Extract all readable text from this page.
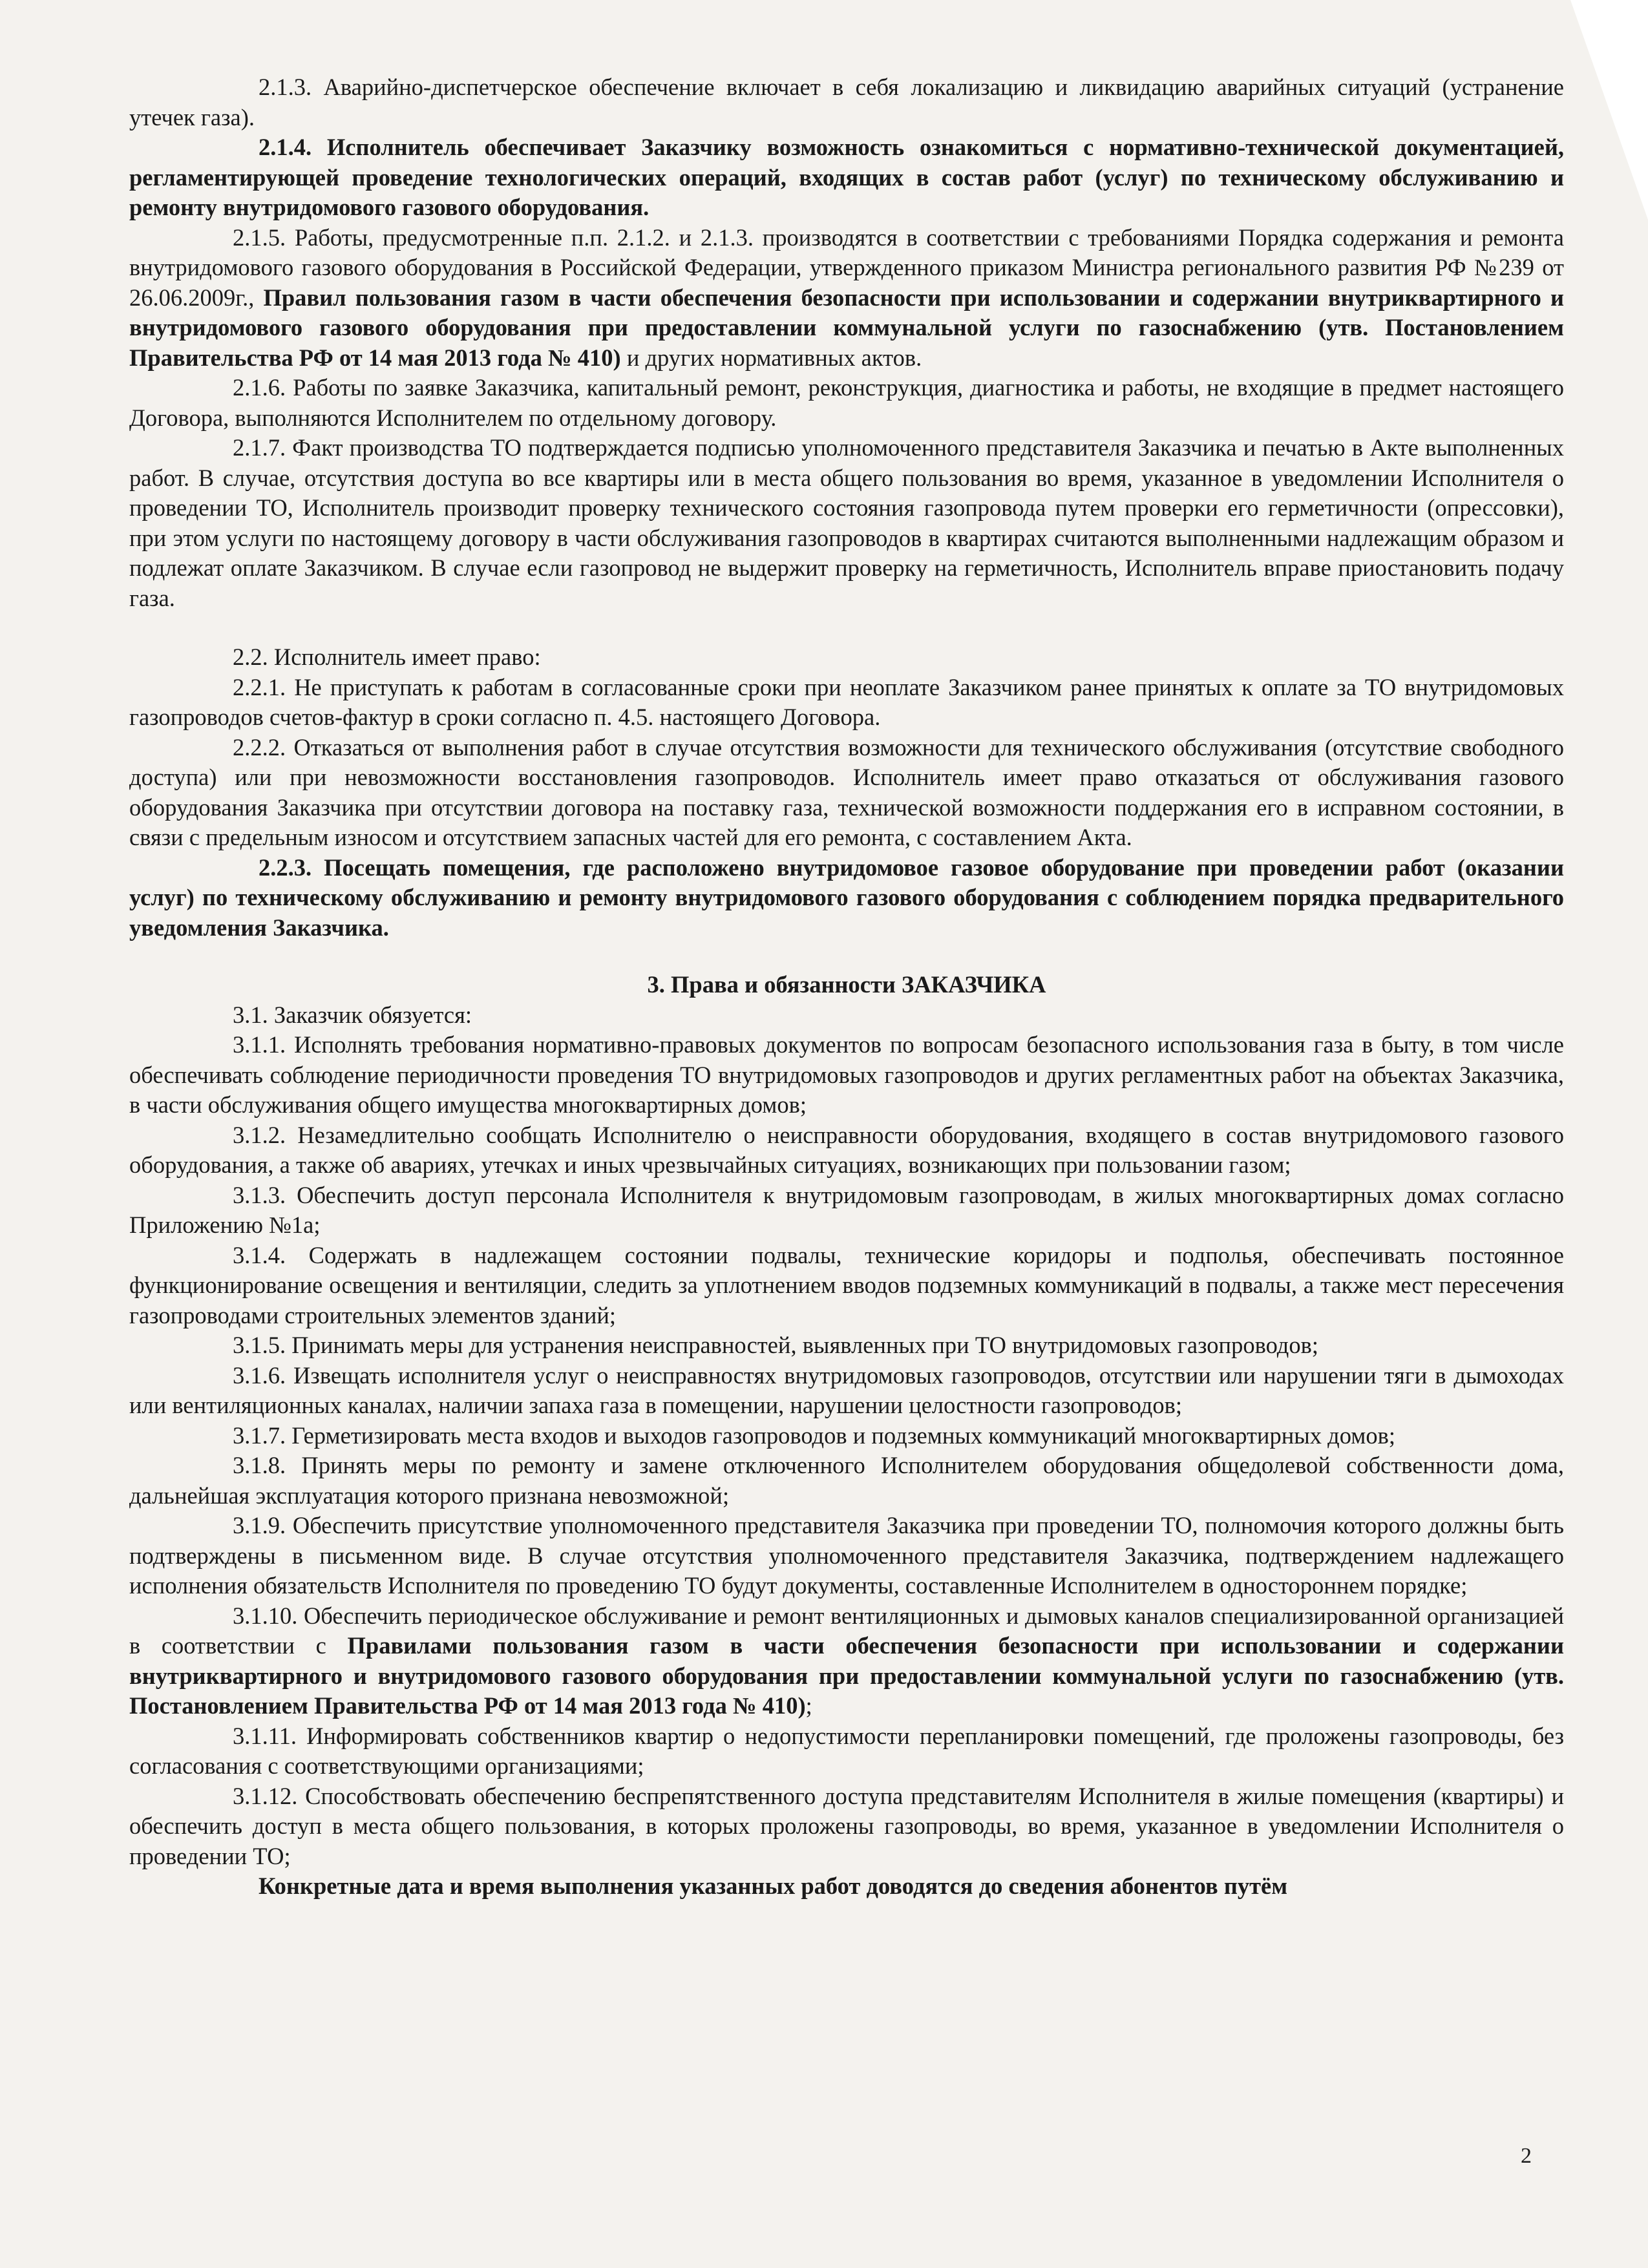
2.1.3. Аварийно-диспетчерское обеспечение включает в себя локализацию и ликвидацию аварийных ситуаций (устранение утечек газа).

2.1.4. Исполнитель обеспечивает Заказчику возможность ознакомиться с нормативно-технической документацией, регламентирующей проведение технологических операций, входящих в состав работ (услуг) по техническому обслуживанию и ремонту внутридомового газового оборудования.

2.1.5. Работы, предусмотренные п.п. 2.1.2. и 2.1.3. производятся в соответствии с требованиями Порядка содержания и ремонта внутридомового газового оборудования в Российской Федерации, утвержденного приказом Министра регионального развития РФ №239 от 26.06.2009г., Правил пользования газом в части обеспечения безопасности при использовании и содержании внутриквартирного и внутридомового газового оборудования при предоставлении коммунальной услуги по газоснабжению (утв. Постановлением Правительства РФ от 14 мая 2013 года № 410) и других нормативных актов.

2.1.6. Работы по заявке Заказчика, капитальный ремонт, реконструкция, диагностика и работы, не входящие в предмет настоящего Договора, выполняются Исполнителем по отдельному договору.

2.1.7. Факт производства ТО подтверждается подписью уполномоченного представителя Заказчика и печатью в Акте выполненных работ. В случае, отсутствия доступа во все квартиры или в места общего пользования во время, указанное в уведомлении Исполнителя о проведении ТО, Исполнитель производит проверку технического состояния газопровода путем проверки его герметичности (опрессовки), при этом услуги по настоящему договору в части обслуживания газопроводов в квартирах считаются выполненными надлежащим образом и подлежат оплате Заказчиком. В случае если газопровод не выдержит проверку на герметичность, Исполнитель вправе приостановить подачу газа.

2.2. Исполнитель имеет право:

2.2.1. Не приступать к работам в согласованные сроки при неоплате Заказчиком ранее принятых к оплате за ТО внутридомовых газопроводов счетов-фактур в сроки согласно п. 4.5. настоящего Договора.

2.2.2. Отказаться от выполнения работ в случае отсутствия возможности для технического обслуживания (отсутствие свободного доступа) или при невозможности восстановления газопроводов. Исполнитель имеет право отказаться от обслуживания газового оборудования Заказчика при отсутствии договора на поставку газа, технической возможности поддержания его в исправном состоянии, в связи с предельным износом и отсутствием запасных частей для его ремонта, с составлением Акта.

2.2.3. Посещать помещения, где расположено внутридомовое газовое оборудование при проведении работ (оказании услуг) по техническому обслуживанию и ремонту внутридомового газового оборудования с соблюдением порядка предварительного уведомления Заказчика.

3. Права и обязанности ЗАКАЗЧИКА

3.1. Заказчик обязуется:

3.1.1. Исполнять требования нормативно-правовых документов по вопросам безопасного использования газа в быту, в том числе обеспечивать соблюдение периодичности проведения ТО внутридомовых газопроводов и других регламентных работ на объектах Заказчика, в части обслуживания общего имущества многоквартирных домов;

3.1.2. Незамедлительно сообщать Исполнителю о неисправности оборудования, входящего в состав внутридомового газового оборудования, а также об авариях, утечках и иных чрезвычайных ситуациях, возникающих при пользовании газом;

3.1.3. Обеспечить доступ персонала Исполнителя к внутридомовым газопроводам, в жилых многоквартирных домах согласно Приложению №1а;

3.1.4. Содержать в надлежащем состоянии подвалы, технические коридоры и подполья, обеспечивать постоянное функционирование освещения и вентиляции, следить за уплотнением вводов подземных коммуникаций в подвалы, а также мест пересечения газопроводами строительных элементов зданий;

3.1.5. Принимать меры для устранения неисправностей, выявленных при ТО внутридомовых газопроводов;

3.1.6. Извещать исполнителя услуг о неисправностях внутридомовых газопроводов, отсутствии или нарушении тяги в дымоходах или вентиляционных каналах, наличии запаха газа в помещении, нарушении целостности газопроводов;

3.1.7. Герметизировать места входов и выходов газопроводов и подземных коммуникаций многоквартирных домов;

3.1.8. Принять меры по ремонту и замене отключенного Исполнителем оборудования общедолевой собственности дома, дальнейшая эксплуатация которого признана невозможной;

3.1.9. Обеспечить присутствие уполномоченного представителя Заказчика при проведении ТО, полномочия которого должны быть подтверждены в письменном виде. В случае отсутствия уполномоченного представителя Заказчика, подтверждением надлежащего исполнения обязательств Исполнителя по проведению ТО будут документы, составленные Исполнителем в одностороннем порядке;

3.1.10. Обеспечить периодическое обслуживание и ремонт вентиляционных и дымовых каналов специализированной организацией в соответствии с Правилами пользования газом в части обеспечения безопасности при использовании и содержании внутриквартирного и внутридомового газового оборудования при предоставлении коммунальной услуги по газоснабжению (утв. Постановлением Правительства РФ от 14 мая 2013 года № 410);

3.1.11. Информировать собственников квартир о недопустимости перепланировки помещений, где проложены газопроводы, без согласования с соответствующими организациями;

3.1.12. Способствовать обеспечению беспрепятственного доступа представителям Исполнителя в жилые помещения (квартиры) и обеспечить доступ в места общего пользования, в которых проложены газопроводы, во время, указанное в уведомлении Исполнителя о проведении ТО;

Конкретные дата и время выполнения указанных работ доводятся до сведения абонентов путём

2
